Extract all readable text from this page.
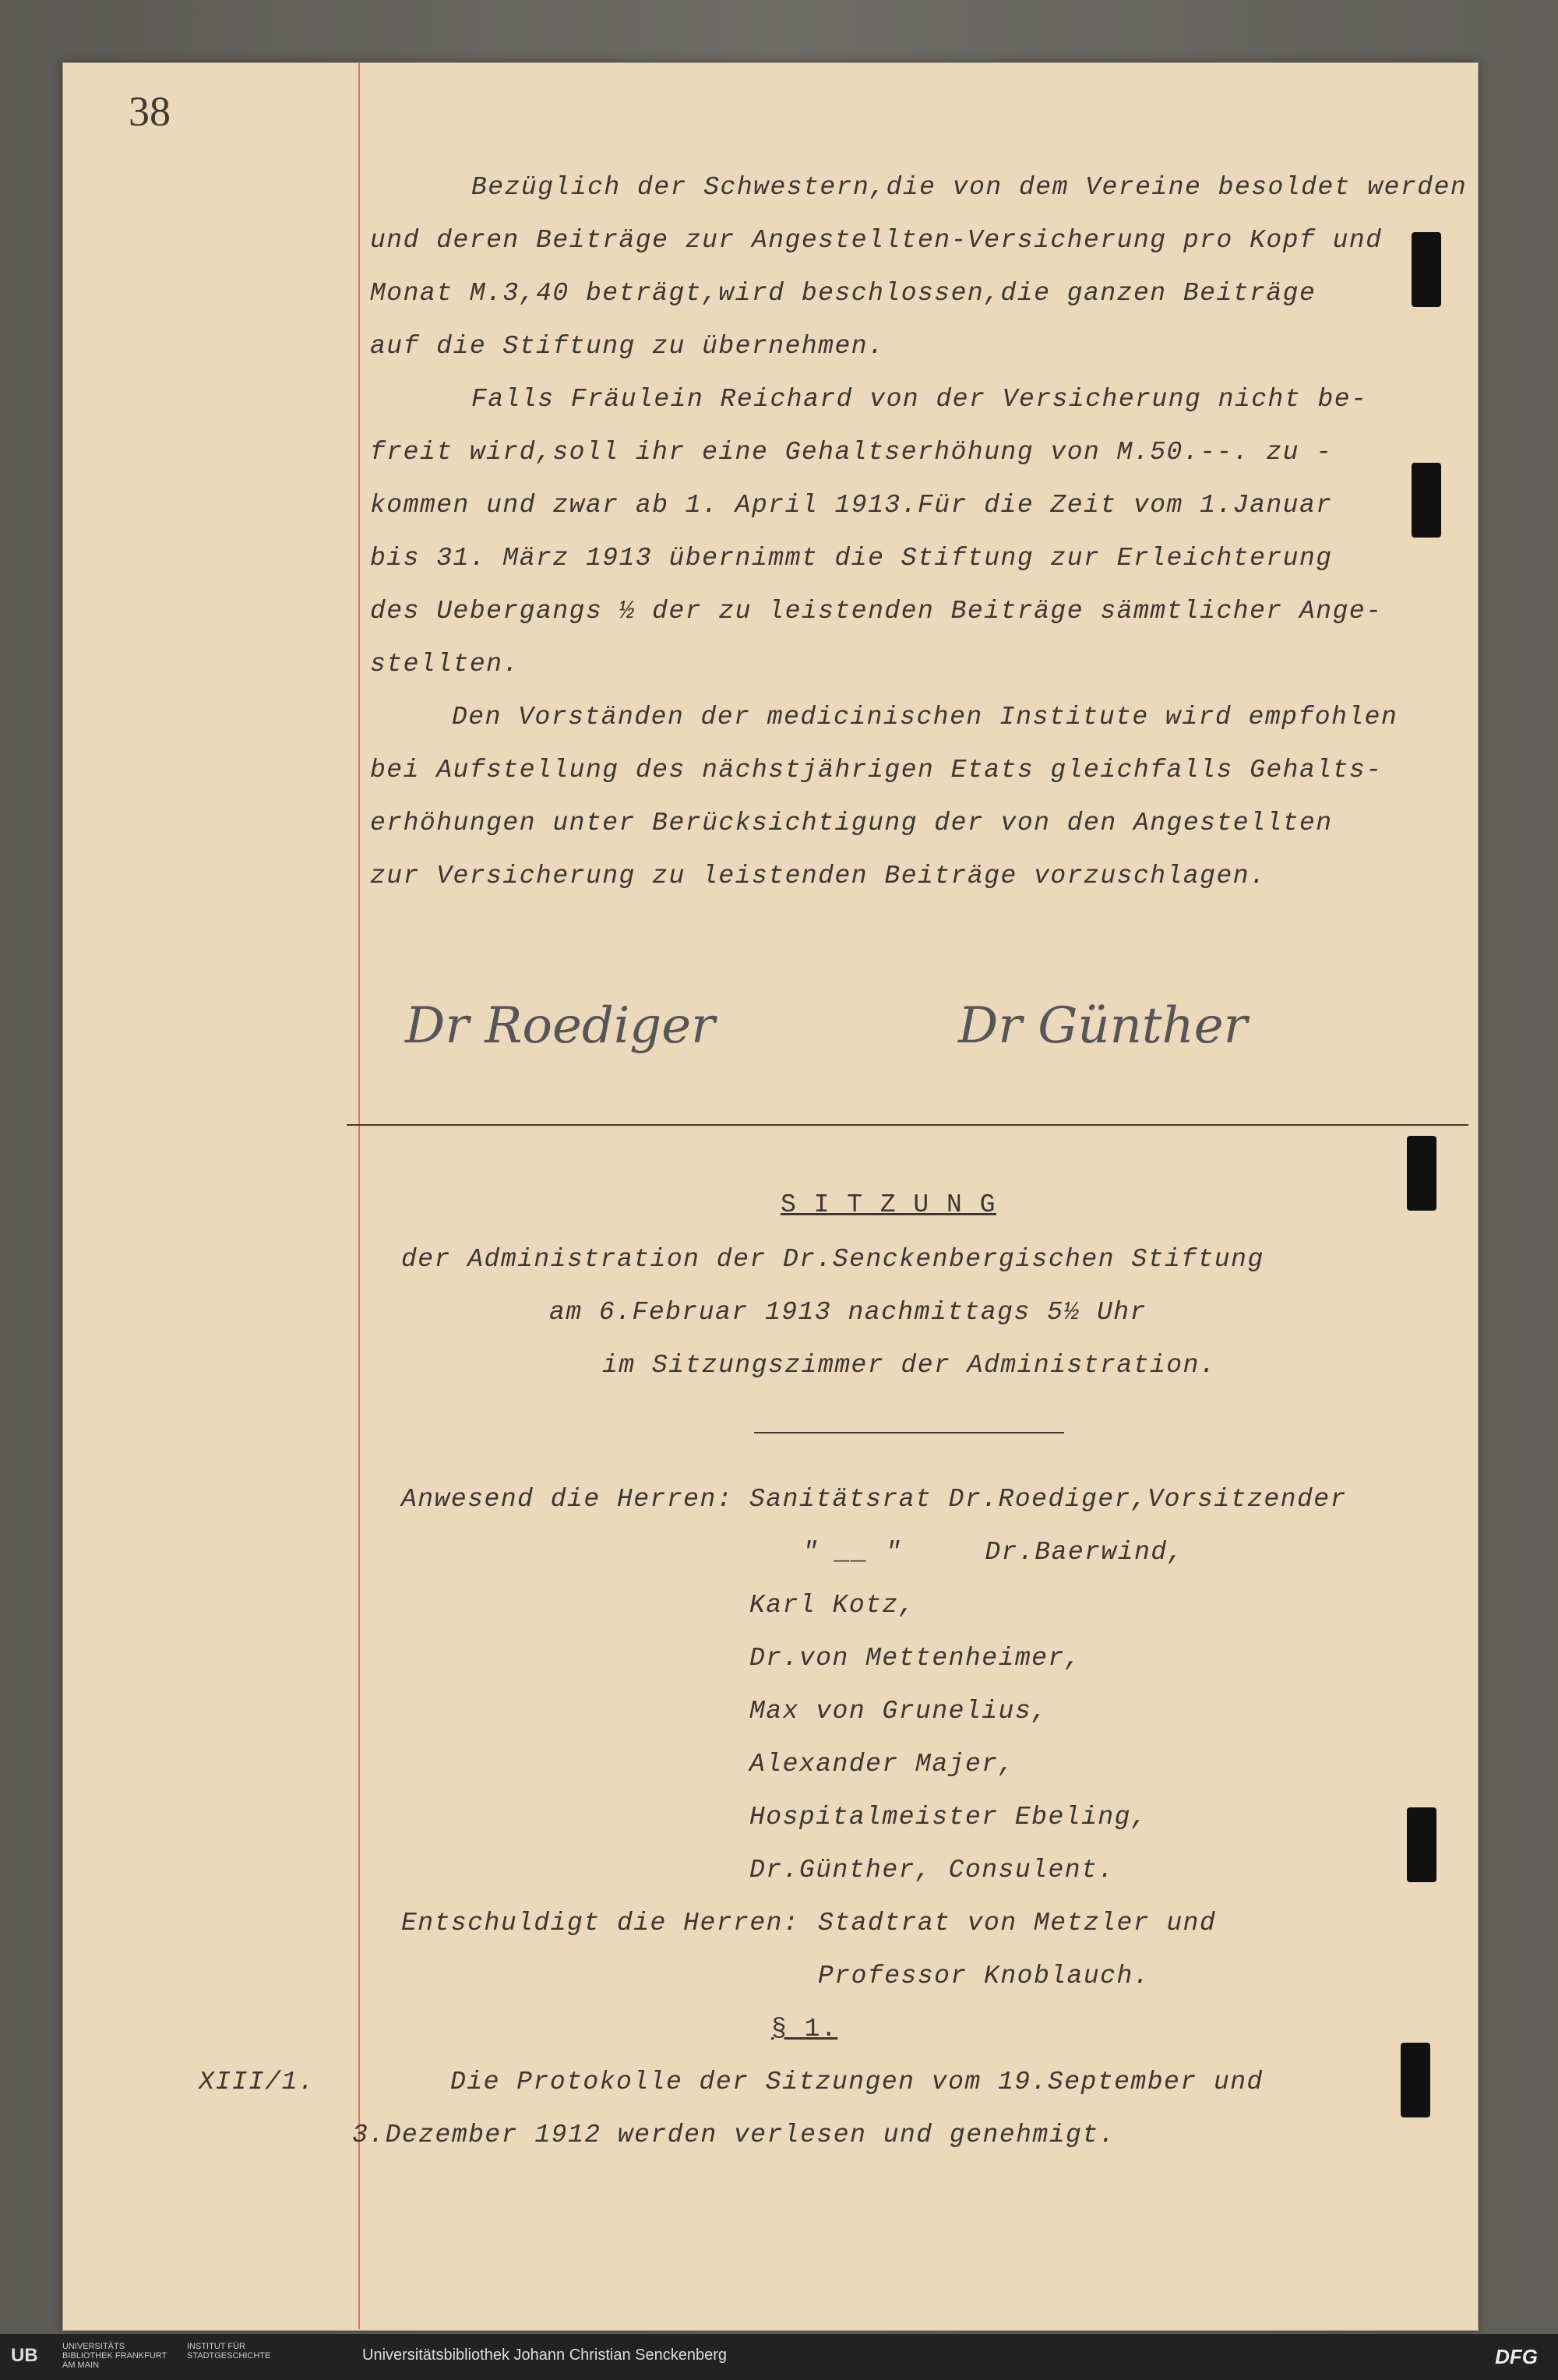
38
Bezüglich der Schwestern,die von dem Vereine besoldet werden
und deren Beiträge zur Angestellten-Versicherung pro Kopf und
Monat M.3,40 beträgt,wird beschlossen,die ganzen Beiträge
auf die Stiftung zu übernehmen.
Falls Fräulein Reichard von der Versicherung nicht be-
freit wird,soll ihr eine Gehaltserhöhung von M.50.--. zu -
kommen und zwar ab 1. April 1913.Für die Zeit vom 1.Januar
bis 31. März 1913 übernimmt die Stiftung zur Erleichterung
des Uebergangs ½ der zu leistenden Beiträge sämmtlicher Ange-
stellten.
Den Vorständen der medicinischen Institute wird empfohlen
bei Aufstellung des nächstjährigen Etats gleichfalls Gehalts-
erhöhungen unter Berücksichtigung der von den Angestellten
zur Versicherung zu leistenden Beiträge vorzuschlagen.
Dr Roediger	Dr Günther
S I T Z U N G
der Administration der Dr.Senckenbergischen Stiftung
am 6.Februar 1913 nachmittags 5½ Uhr
im Sitzungszimmer der Administration.
Anwesend die Herren: Sanitätsrat Dr.Roediger,Vorsitzender
" __ "     Dr.Baerwind,
Karl Kotz,
Dr.von Mettenheimer,
Max von Grunelius,
Alexander Majer,
Hospitalmeister Ebeling,
Dr.Günther, Consulent.
Entschuldigt die Herren: Stadtrat von Metzler und
Professor Knoblauch.
§ 1.
XIII/1.	Die Protokolle der Sitzungen vom 19.September und
3.Dezember 1912 werden verlesen und genehmigt.
UB	UNIVERSITÄTS BIBLIOTHEK FRANKFURT AM MAIN
INSTITUT FÜR STADTGESCHICHTE	Universitätsbibliothek Johann Christian Senckenberg	DFG
